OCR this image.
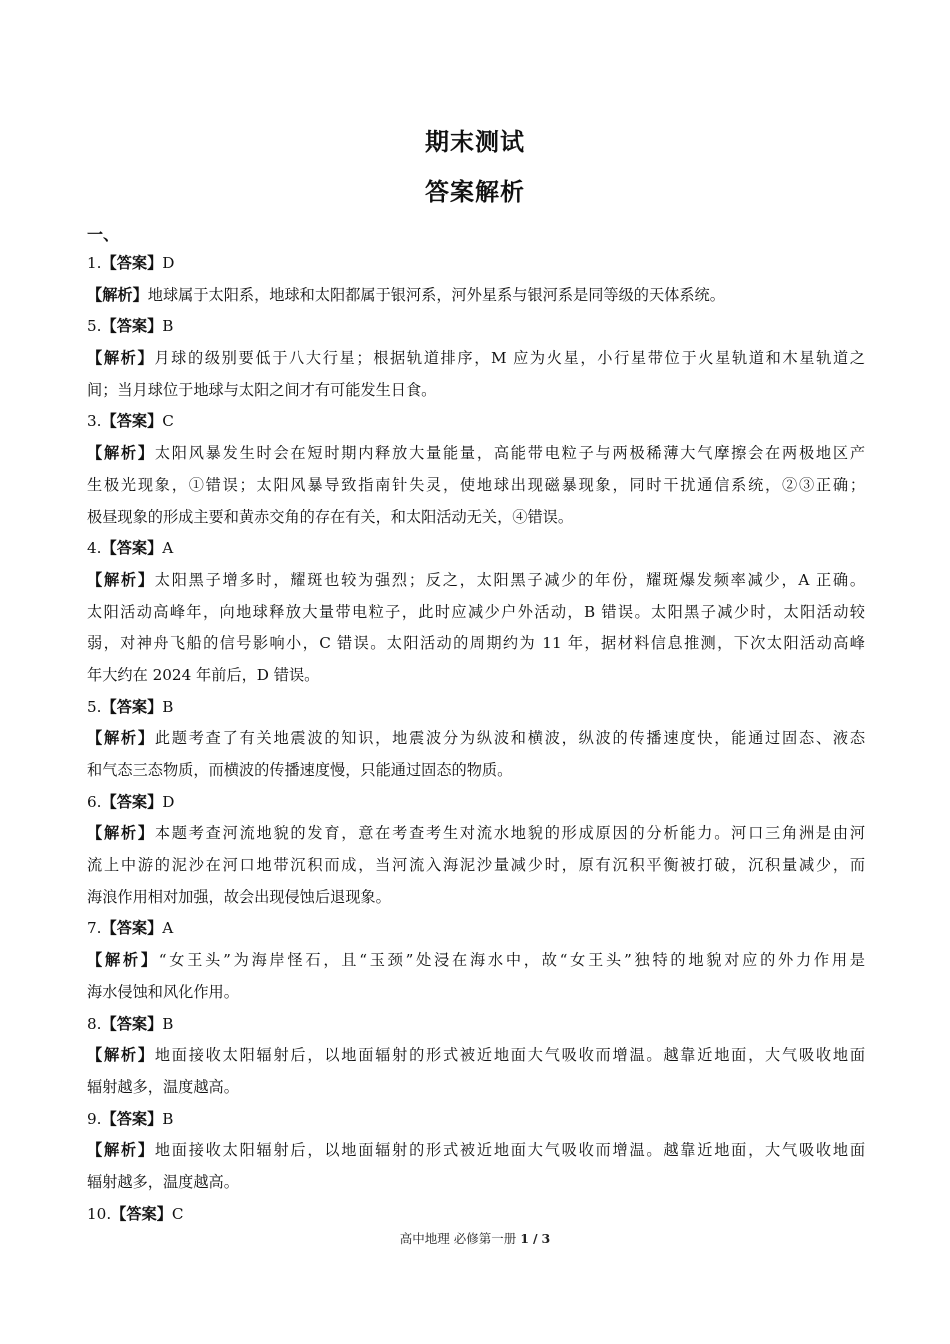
期末测试
答案解析
一、
1.【答案】D
【解析】地球属于太阳系，地球和太阳都属于银河系，河外星系与银河系是同等级的天体系统。
5.【答案】B
【解析】月球的级别要低于八大行星；根据轨道排序，M 应为火星，小行星带位于火星轨道和木星轨道之
间；当月球位于地球与太阳之间才有可能发生日食。
3.【答案】C
【解析】太阳风暴发生时会在短时期内释放大量能量，高能带电粒子与两极稀薄大气摩擦会在两极地区产
生极光现象，①错误；太阳风暴导致指南针失灵，使地球出现磁暴现象，同时干扰通信系统，②③正确；
极昼现象的形成主要和黄赤交角的存在有关，和太阳活动无关，④错误。
4.【答案】A
【解析】太阳黑子增多时，耀斑也较为强烈；反之，太阳黑子减少的年份，耀斑爆发频率减少，A 正确。
太阳活动高峰年，向地球释放大量带电粒子，此时应减少户外活动，B 错误。太阳黑子减少时，太阳活动较
弱，对神舟飞船的信号影响小，C 错误。太阳活动的周期约为 11 年，据材料信息推测，下次太阳活动高峰
年大约在 2024 年前后，D 错误。
5.【答案】B
【解析】此题考查了有关地震波的知识，地震波分为纵波和横波，纵波的传播速度快，能通过固态、液态
和气态三态物质，而横波的传播速度慢，只能通过固态的物质。
6.【答案】D
【解析】本题考查河流地貌的发育，意在考查考生对流水地貌的形成原因的分析能力。河口三角洲是由河
流上中游的泥沙在河口地带沉积而成，当河流入海泥沙量减少时，原有沉积平衡被打破，沉积量减少，而
海浪作用相对加强，故会出现侵蚀后退现象。
7.【答案】A
【解析】“女王头”为海岸怪石，且“玉颈”处浸在海水中，故“女王头”独特的地貌对应的外力作用是
海水侵蚀和风化作用。
8.【答案】B
【解析】地面接收太阳辐射后，以地面辐射的形式被近地面大气吸收而增温。越靠近地面，大气吸收地面
辐射越多，温度越高。
9.【答案】B
【解析】地面接收太阳辐射后，以地面辐射的形式被近地面大气吸收而增温。越靠近地面，大气吸收地面
辐射越多，温度越高。
10.【答案】C
高中地理 必修第一册 1 / 3
